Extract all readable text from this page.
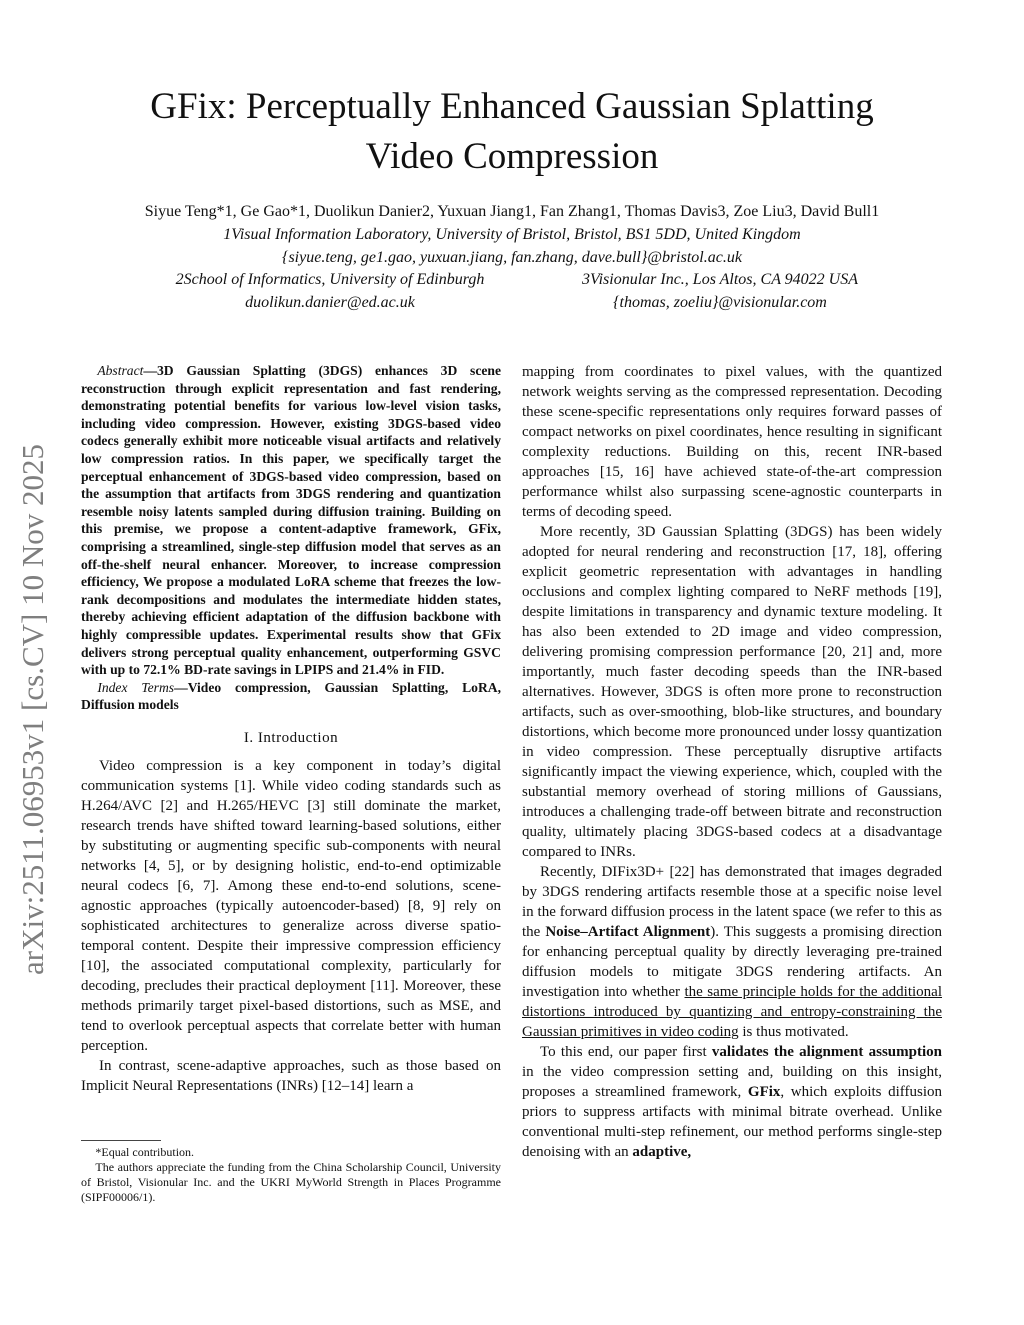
GFix: Perceptually Enhanced Gaussian Splatting
Video Compression
Siyue Teng*1, Ge Gao*1, Duolikun Danier2, Yuxuan Jiang1, Fan Zhang1, Thomas Davis3, Zoe Liu3, David Bull1
1Visual Information Laboratory, University of Bristol, Bristol, BS1 5DD, United Kingdom
{siyue.teng, ge1.gao, yuxuan.jiang, fan.zhang, dave.bull}@bristol.ac.uk
2School of Informatics, University of Edinburgh
duolikun.danier@ed.ac.uk
3Visionular Inc., Los Altos, CA 94022 USA
{thomas, zoeliu}@visionular.com
arXiv:2511.06953v1 [cs.CV] 10 Nov 2025

Abstract—3D Gaussian Splatting (3DGS) enhances 3D scene reconstruction through explicit representation and fast rendering, demonstrating potential benefits for various low-level vision tasks, including video compression. However, existing 3DGS-based video codecs generally exhibit more noticeable visual artifacts and relatively low compression ratios. In this paper, we specifically target the perceptual enhancement of 3DGS-based video compression, based on the assumption that artifacts from 3DGS rendering and quantization resemble noisy latents sampled during diffusion training. Building on this premise, we propose a content-adaptive framework, GFix, comprising a streamlined, single-step diffusion model that serves as an off-the-shelf neural enhancer. Moreover, to increase compression efficiency, We propose a modulated LoRA scheme that freezes the low-rank decompositions and modulates the intermediate hidden states, thereby achieving efficient adaptation of the diffusion backbone with highly compressible updates. Experimental results show that GFix delivers strong perceptual quality enhancement, outperforming GSVC with up to 72.1% BD-rate savings in LPIPS and 21.4% in FID.

Index Terms—Video compression, Gaussian Splatting, LoRA, Diffusion models

I. Introduction

Video compression is a key component in today’s digital communication systems [1]. While video coding standards such as H.264/AVC [2] and H.265/HEVC [3] still dominate the market, research trends have shifted toward learning-based solutions, either by substituting or augmenting specific sub-components with neural networks [4, 5], or by designing holistic, end-to-end optimizable neural codecs [6, 7]. Among these end-to-end solutions, scene-agnostic approaches (typically autoencoder-based) [8, 9] rely on sophisticated architectures to generalize across diverse spatio-temporal content. Despite their impressive compression efficiency [10], the associated computational complexity, particularly for decoding, precludes their practical deployment [11]. Moreover, these methods primarily target pixel-based distortions, such as MSE, and tend to overlook perceptual aspects that correlate better with human perception.

In contrast, scene-adaptive approaches, such as those based on Implicit Neural Representations (INRs) [12–14] learn a

*Equal contribution.

The authors appreciate the funding from the China Scholarship Council, University of Bristol, Visionular Inc. and the UKRI MyWorld Strength in Places Programme (SIPF00006/1).

mapping from coordinates to pixel values, with the quantized network weights serving as the compressed representation. Decoding these scene-specific representations only requires forward passes of compact networks on pixel coordinates, hence resulting in significant complexity reductions. Building on this, recent INR-based approaches [15, 16] have achieved state-of-the-art compression performance whilst also surpassing scene-agnostic counterparts in terms of decoding speed.

More recently, 3D Gaussian Splatting (3DGS) has been widely adopted for neural rendering and reconstruction [17, 18], offering explicit geometric representation with advantages in handling occlusions and complex lighting compared to NeRF methods [19], despite limitations in transparency and dynamic texture modeling. It has also been extended to 2D image and video compression, delivering promising compression performance [20, 21] and, more importantly, much faster decoding speeds than the INR-based alternatives. However, 3DGS is often more prone to reconstruction artifacts, such as over-smoothing, blob-like structures, and boundary distortions, which become more pronounced under lossy quantization in video compression. These perceptually disruptive artifacts significantly impact the viewing experience, which, coupled with the substantial memory overhead of storing millions of Gaussians, introduces a challenging trade-off between bitrate and reconstruction quality, ultimately placing 3DGS-based codecs at a disadvantage compared to INRs.

Recently, DIFix3D+ [22] has demonstrated that images degraded by 3DGS rendering artifacts resemble those at a specific noise level in the forward diffusion process in the latent space (we refer to this as the Noise–Artifact Alignment). This suggests a promising direction for enhancing perceptual quality by directly leveraging pre-trained diffusion models to mitigate 3DGS rendering artifacts. An investigation into whether the same principle holds for the additional distortions introduced by quantizing and entropy-constraining the Gaussian primitives in video coding is thus motivated.

To this end, our paper first validates the alignment assumption in the video compression setting and, building on this insight, proposes a streamlined framework, GFix, which exploits diffusion priors to suppress artifacts with minimal bitrate overhead. Unlike conventional multi-step refinement, our method performs single-step denoising with an adaptive,
